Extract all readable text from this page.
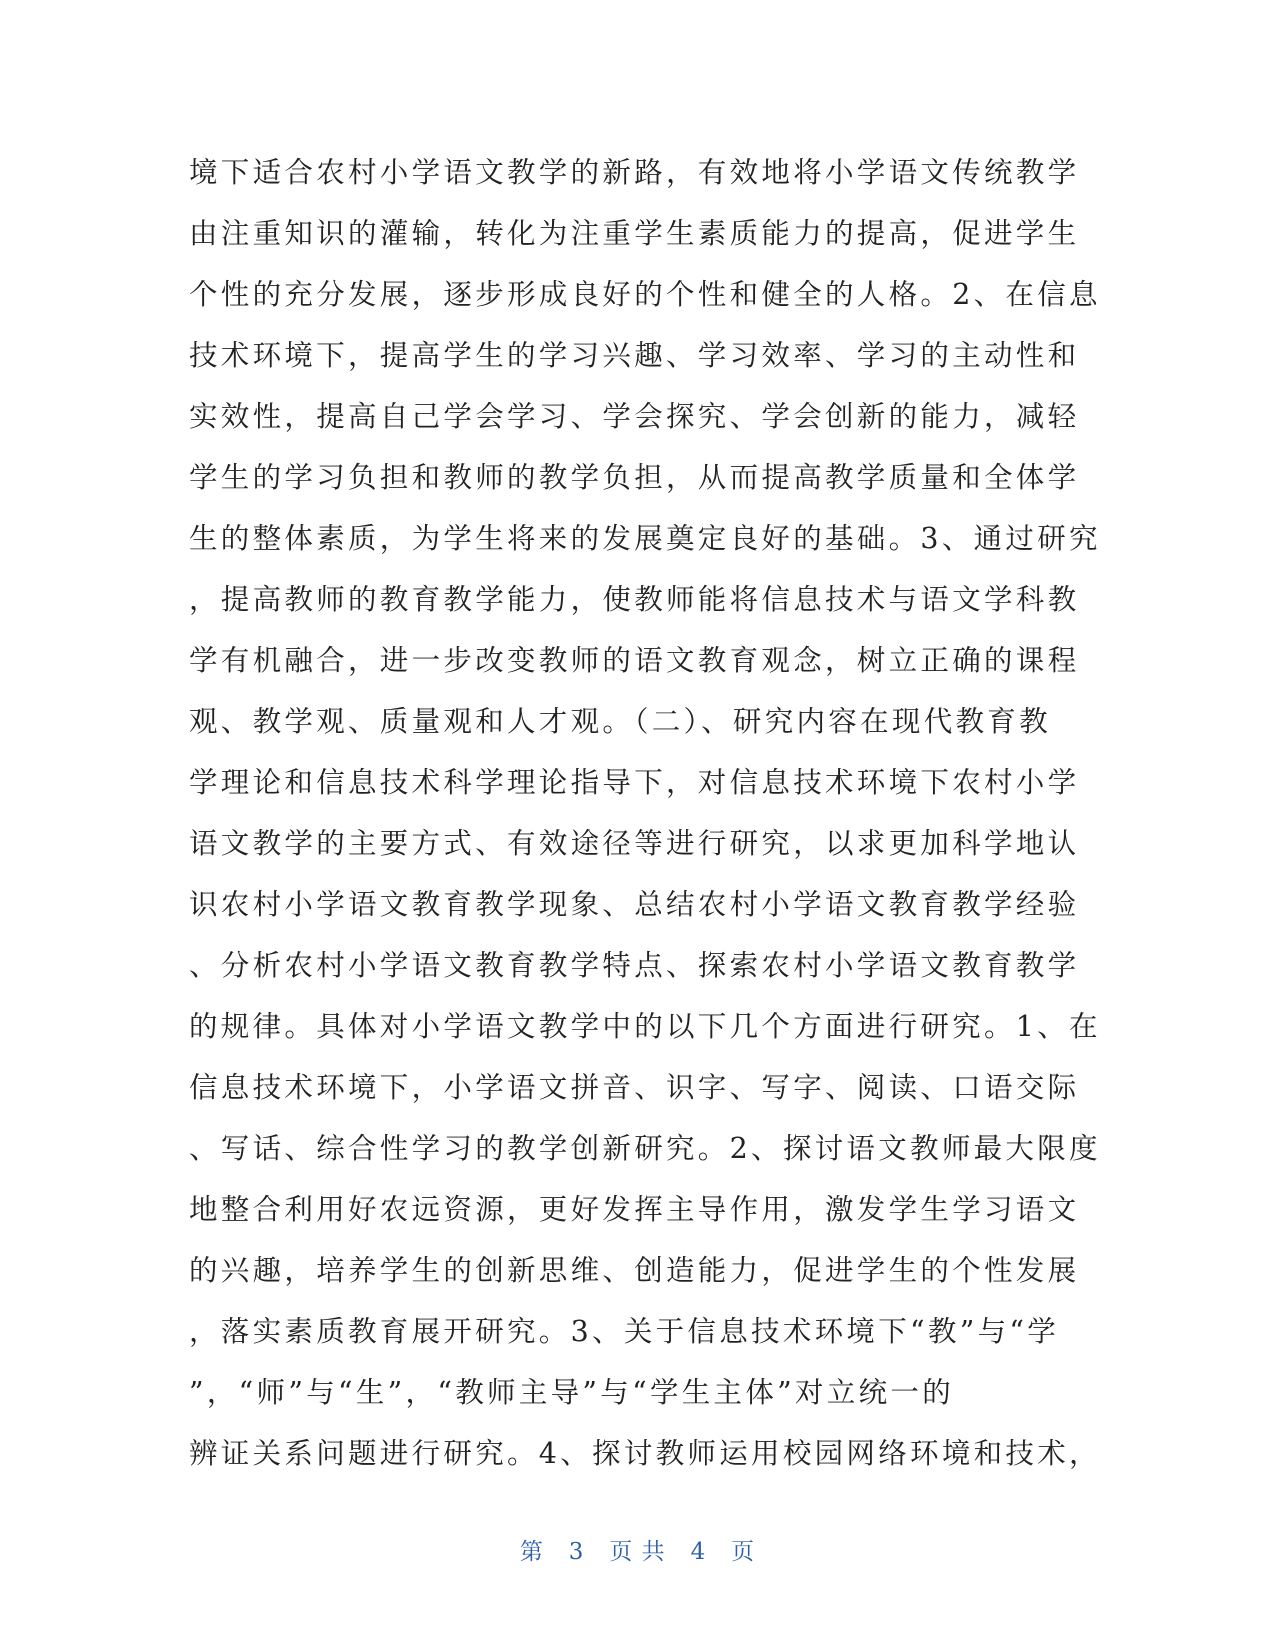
境下适合农村小学语文教学的新路，有效地将小学语文传统教学
由注重知识的灌输，转化为注重学生素质能力的提高，促进学生
个性的充分发展，逐步形成良好的个性和健全的人格。2、在信息
技术环境下，提高学生的学习兴趣、学习效率、学习的主动性和
实效性，提高自己学会学习、学会探究、学会创新的能力，减轻
学生的学习负担和教师的教学负担，从而提高教学质量和全体学
生的整体素质，为学生将来的发展奠定良好的基础。3、通过研究
，提高教师的教育教学能力，使教师能将信息技术与语文学科教
学有机融合，进一步改变教师的语文教育观念，树立正确的课程
观、教学观、质量观和人才观。（二）、研究内容在现代教育教
学理论和信息技术科学理论指导下，对信息技术环境下农村小学
语文教学的主要方式、有效途径等进行研究，以求更加科学地认
识农村小学语文教育教学现象、总结农村小学语文教育教学经验
、分析农村小学语文教育教学特点、探索农村小学语文教育教学
的规律。具体对小学语文教学中的以下几个方面进行研究。1、在
信息技术环境下，小学语文拼音、识字、写字、阅读、口语交际
、写话、综合性学习的教学创新研究。2、探讨语文教师最大限度
地整合利用好农远资源，更好发挥主导作用，激发学生学习语文
的兴趣，培养学生的创新思维、创造能力，促进学生的个性发展
，落实素质教育展开研究。3、关于信息技术环境下“教”与“学
”，“师”与“生”，“教师主导”与“学生主体”对立统一的
辨证关系问题进行研究。4、探讨教师运用校园网络环境和技术，
第 3 页 共 4 页
